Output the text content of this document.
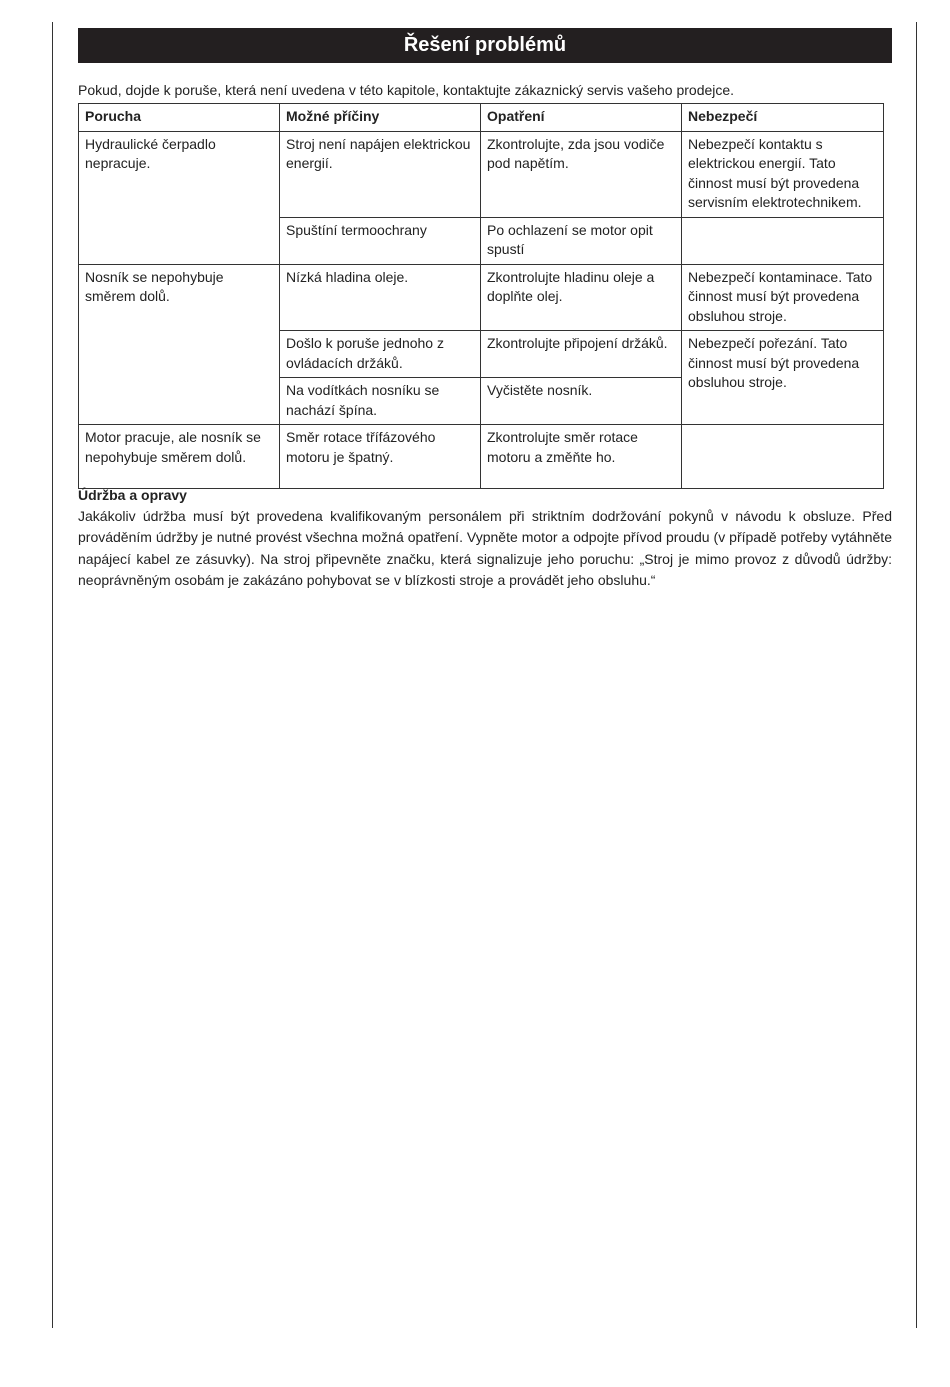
Řešení problémů
Pokud, dojde k poruše, která není uvedena v této kapitole, kontaktujte zákaznický servis vašeho prodejce.
Porucha	Možné příčiny	Opatření	Nebezpečí
Hydraulické čerpadlo nepracuje.	Stroj není napájen elektrickou energií.	Zkontrolujte, zda jsou vodiče pod napětím.	Nebezpečí kontaktu s elektrickou energií. Tato činnost musí být provedena servisním elektrotechnikem.
	Spuštíní termoochrany	Po ochlazení se motor opit spustí	
Nosník se nepohybuje směrem dolů.	Nízká hladina oleje.	Zkontrolujte hladinu oleje a doplňte olej.	Nebezpečí kontaminace. Tato činnost musí být provedena obsluhou stroje.
	Došlo k poruše jednoho z ovládacích držáků.	Zkontrolujte připojení držáků.	Nebezpečí pořezání. Tato činnost musí být provedena obsluhou stroje.
	Na vodítkách nosníku se nachází špína.	Vyčistěte nosník.	
Motor pracuje, ale nosník se nepohybuje směrem dolů.	Směr rotace třífázového motoru je špatný.	Zkontrolujte směr rotace motoru a změňte ho.	
Údržba a opravy
Jakákoliv údržba musí být provedena kvalifikovaným personálem při striktním dodržování pokynů v návodu k obsluze. Před prováděním údržby je nutné provést všechna možná opatření. Vypněte motor a odpojte přívod proudu (v případě potřeby vytáhněte napájecí kabel ze zásuvky). Na stroj připevněte značku, která signalizuje jeho poruchu: „Stroj je mimo provoz z důvodů údržby: neoprávněným osobám je zakázáno pohybovat se v blízkosti stroje a provádět jeho obsluhu.“
